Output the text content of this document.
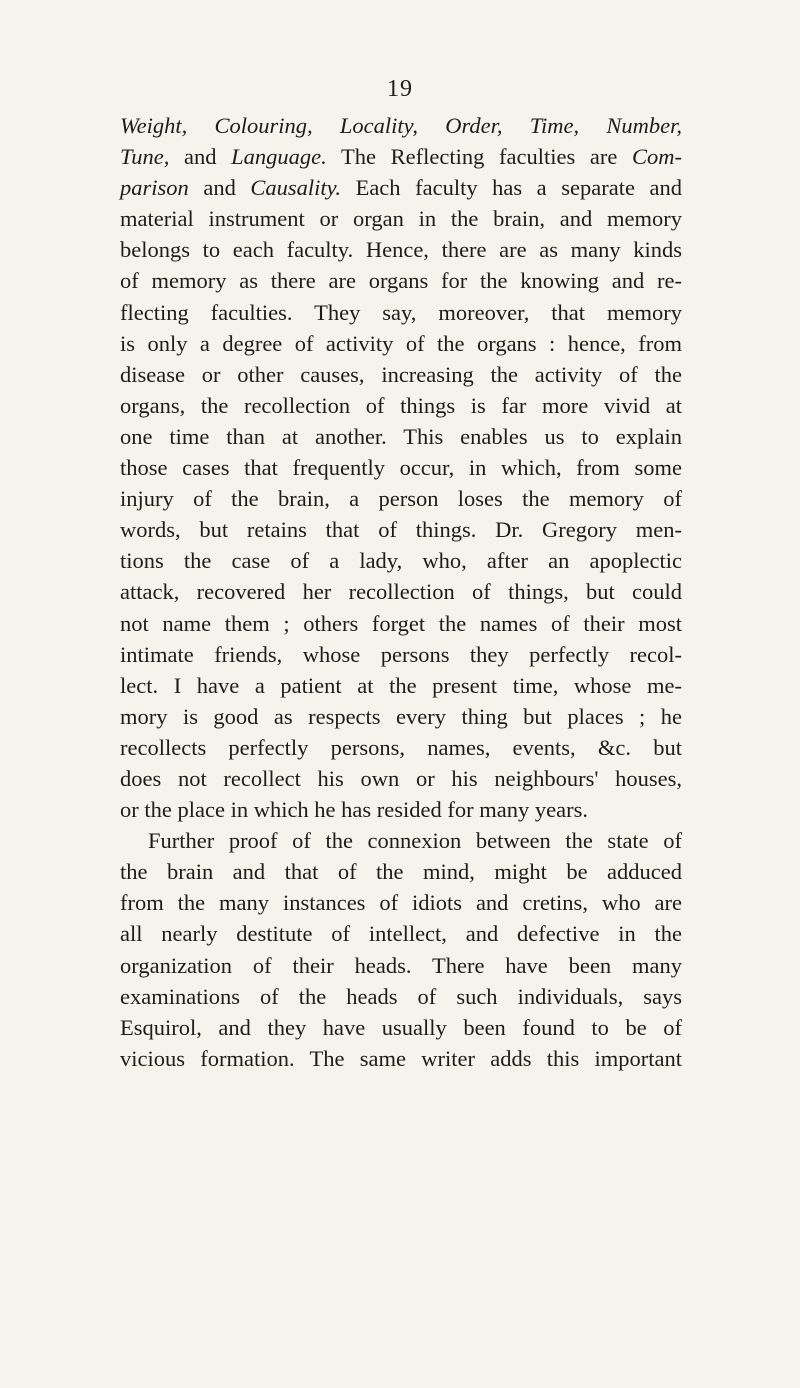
19
Weight, Colouring, Locality, Order, Time, Number,
Tune, and Language. The Reflecting faculties are Com-
parison and Causality. Each faculty has a separate and
material instrument or organ in the brain, and memory
belongs to each faculty. Hence, there are as many kinds
of memory as there are organs for the knowing and re-
flecting faculties. They say, moreover, that memory
is only a degree of activity of the organs : hence, from
disease or other causes, increasing the activity of the
organs, the recollection of things is far more vivid at
one time than at another. This enables us to explain
those cases that frequently occur, in which, from some
injury of the brain, a person loses the memory of
words, but retains that of things. Dr. Gregory men-
tions the case of a lady, who, after an apoplectic
attack, recovered her recollection of things, but could
not name them ; others forget the names of their most
intimate friends, whose persons they perfectly recol-
lect. I have a patient at the present time, whose me-
mory is good as respects every thing but places ; he
recollects perfectly persons, names, events, &c. but
does not recollect his own or his neighbours' houses,
or the place in which he has resided for many years.
Further proof of the connexion between the state of
the brain and that of the mind, might be adduced
from the many instances of idiots and cretins, who are
all nearly destitute of intellect, and defective in the
organization of their heads. There have been many
examinations of the heads of such individuals, says
Esquirol, and they have usually been found to be of
vicious formation. The same writer adds this important
